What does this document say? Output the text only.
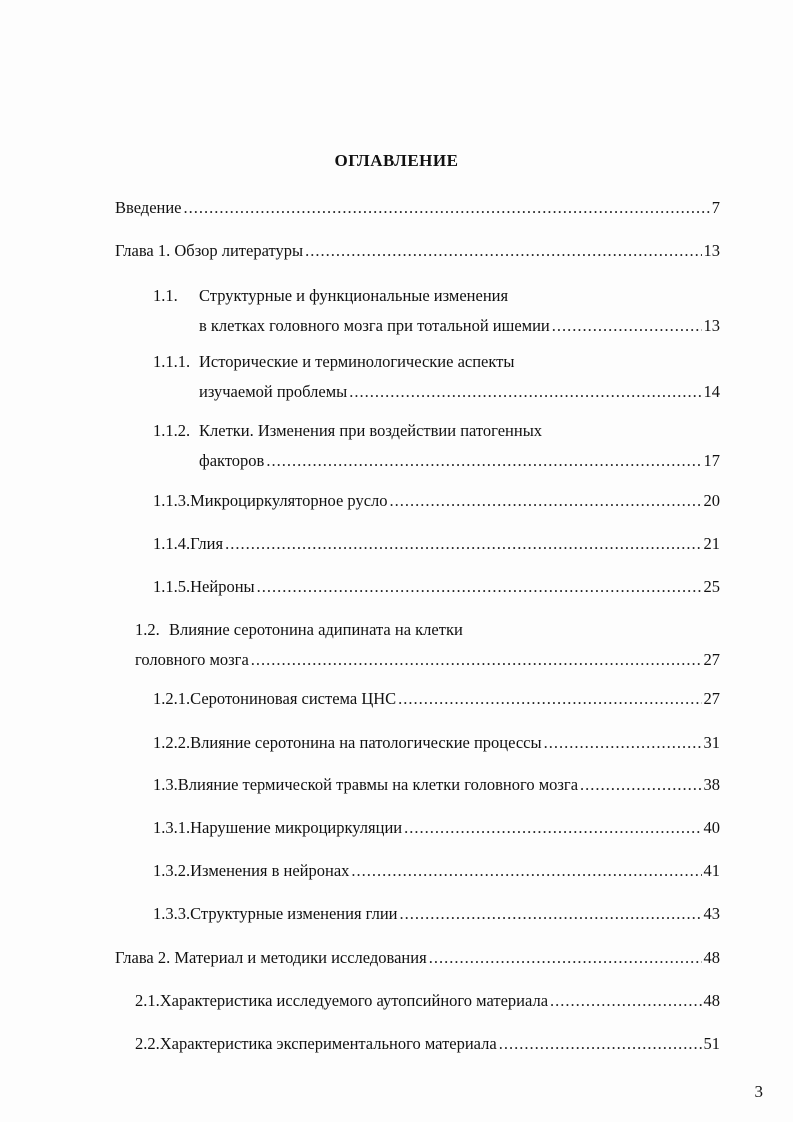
ОГЛАВЛЕНИЕ
Введение .....	7
Глава 1. Обзор литературы .....	13
1.1.	Структурные и функциональные изменения
в клетках головного мозга при тотальной ишемии .....	13
1.1.1. Исторические и терминологические аспекты
изучаемой проблемы .....	14
1.1.2. Клетки. Изменения при воздействии патогенных
факторов .....	17
1.1.3. Микроциркуляторное русло .....	20
1.1.4. Глия .....	21
1.1.5. Нейроны .....	25
1.2. Влияние серотонина адипината на клетки
головного мозга .....	27
1.2.1. Серотониновая система ЦНС .....	27
1.2.2. Влияние серотонина на патологические процессы .....	31
1.3. Влияние термической травмы на клетки головного мозга .....	38
1.3.1. Нарушение микроциркуляции .....	40
1.3.2. Изменения в нейронах .....	41
1.3.3. Структурные изменения глии .....	43
Глава 2. Материал и методики исследования .....	48
2.1. Характеристика исследуемого аутопсийного материала .....	48
2.2. Характеристика экспериментального материала .....	51
3
